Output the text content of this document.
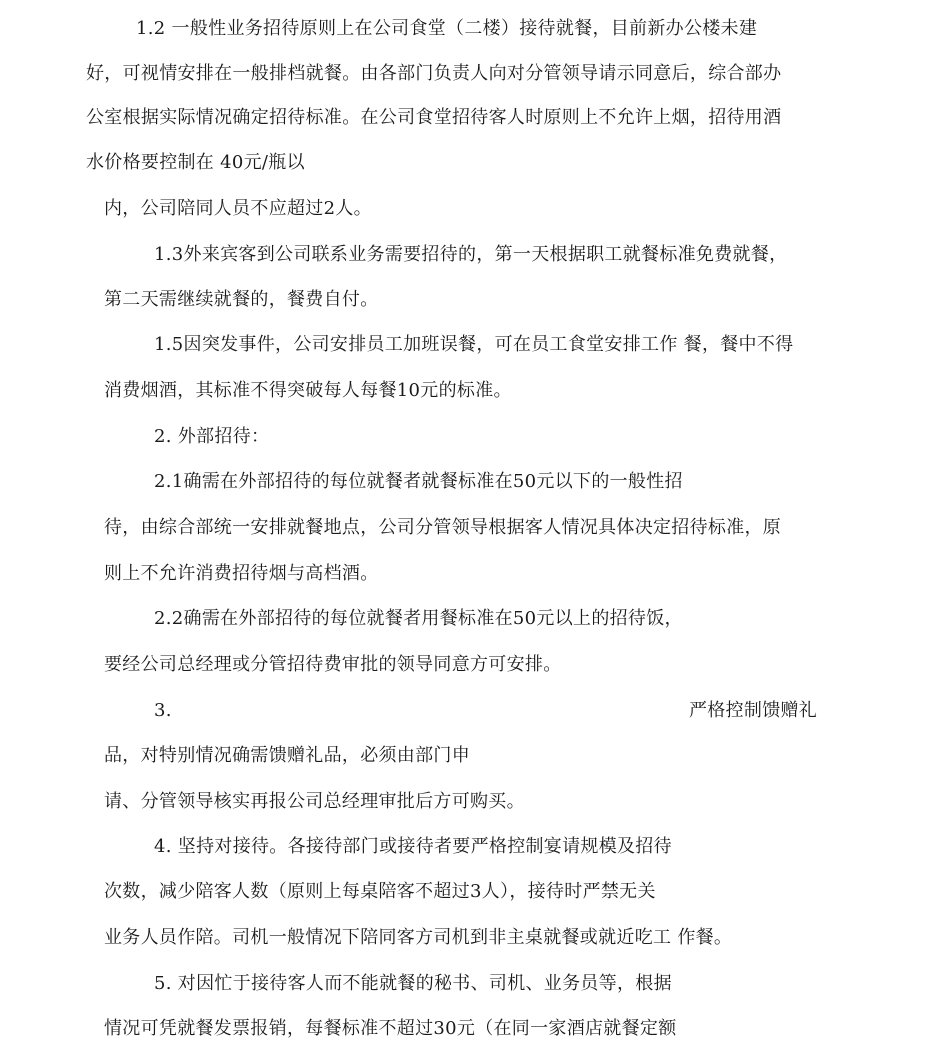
1.2 一般性业务招待原则上在公司食堂（二楼）接待就餐，目前新办公楼未建
好，可视情安排在一般排档就餐。由各部门负责人向对分管领导请示同意后，综合部办
公室根据实际情况确定招待标准。在公司食堂招待客人时原则上不允许上烟，招待用酒
水价格要控制在 40元/瓶以
内，公司陪同人员不应超过2人。
1.3外来宾客到公司联系业务需要招待的，第一天根据职工就餐标准免费就餐，
第二天需继续就餐的，餐费自付。
1.5因突发事件，公司安排员工加班误餐，可在员工食堂安排工作 餐，餐中不得
消费烟酒，其标准不得突破每人每餐10元的标准。
2. 外部招待：
2.1确需在外部招待的每位就餐者就餐标准在50元以下的一般性招
待，由综合部统一安排就餐地点，公司分管领导根据客人情况具体决定招待标准，原
则上不允许消费招待烟与高档酒。
2.2确需在外部招待的每位就餐者用餐标准在50元以上的招待饭，
要经公司总经理或分管招待费审批的领导同意方可安排。
3.	严格控制馈赠礼
品，对特别情况确需馈赠礼品，必须由部门申
请、分管领导核实再报公司总经理审批后方可购买。
4. 坚持对接待。各接待部门或接待者要严格控制宴请规模及招待
次数，减少陪客人数（原则上每桌陪客不超过3人），接待时严禁无关
业务人员作陪。司机一般情况下陪同客方司机到非主桌就餐或就近吃工 作餐。
5. 对因忙于接待客人而不能就餐的秘书、司机、业务员等，根据
情况可凭就餐发票报销，每餐标准不超过30元（在同一家酒店就餐定额
